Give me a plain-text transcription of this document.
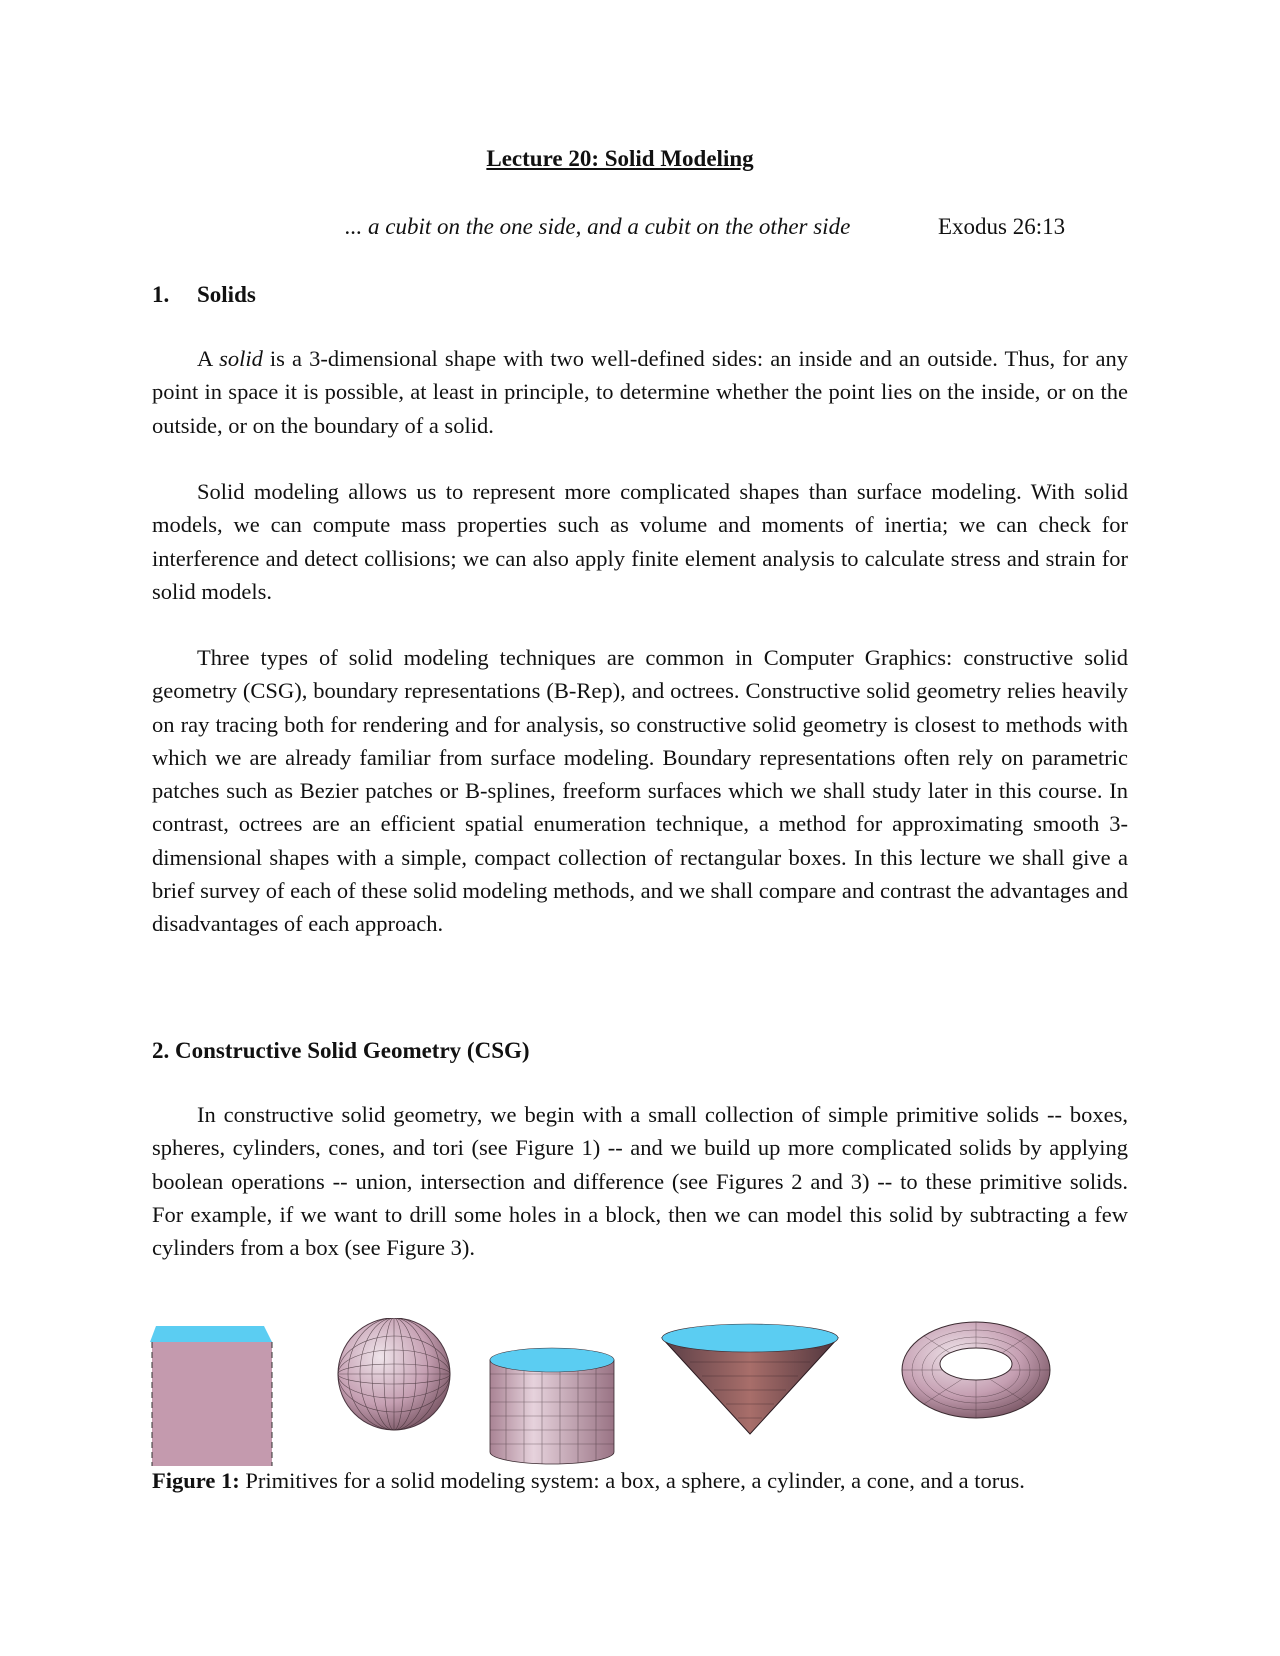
Lecture 20: Solid Modeling
... a cubit on the one side, and a cubit on the other side	Exodus 26:13
1. Solids

A solid is a 3-dimensional shape with two well-defined sides: an inside and an outside. Thus, for any point in space it is possible, at least in principle, to determine whether the point lies on the inside, or on the outside, or on the boundary of a solid.

Solid modeling allows us to represent more complicated shapes than surface modeling. With solid models, we can compute mass properties such as volume and moments of inertia; we can check for interference and detect collisions; we can also apply finite element analysis to calculate stress and strain for solid models.

Three types of solid modeling techniques are common in Computer Graphics: constructive solid geometry (CSG), boundary representations (B-Rep), and octrees. Constructive solid geometry relies heavily on ray tracing both for rendering and for analysis, so constructive solid geometry is closest to methods with which we are already familiar from surface modeling. Boundary representations often rely on parametric patches such as Bezier patches or B-splines, freeform surfaces which we shall study later in this course. In contrast, octrees are an efficient spatial enumeration technique, a method for approximating smooth 3-dimensional shapes with a simple, compact collection of rectangular boxes. In this lecture we shall give a brief survey of each of these solid modeling methods, and we shall compare and contrast the advantages and disadvantages of each approach.

2. Constructive Solid Geometry (CSG)

In constructive solid geometry, we begin with a small collection of simple primitive solids -- boxes, spheres, cylinders, cones, and tori (see Figure 1) -- and we build up more complicated solids by applying boolean operations -- union, intersection and difference (see Figures 2 and 3) -- to these primitive solids. For example, if we want to drill some holes in a block, then we can model this solid by subtracting a few cylinders from a box (see Figure 3).

Figure 1: Primitives for a solid modeling system: a box, a sphere, a cylinder, a cone, and a torus.
